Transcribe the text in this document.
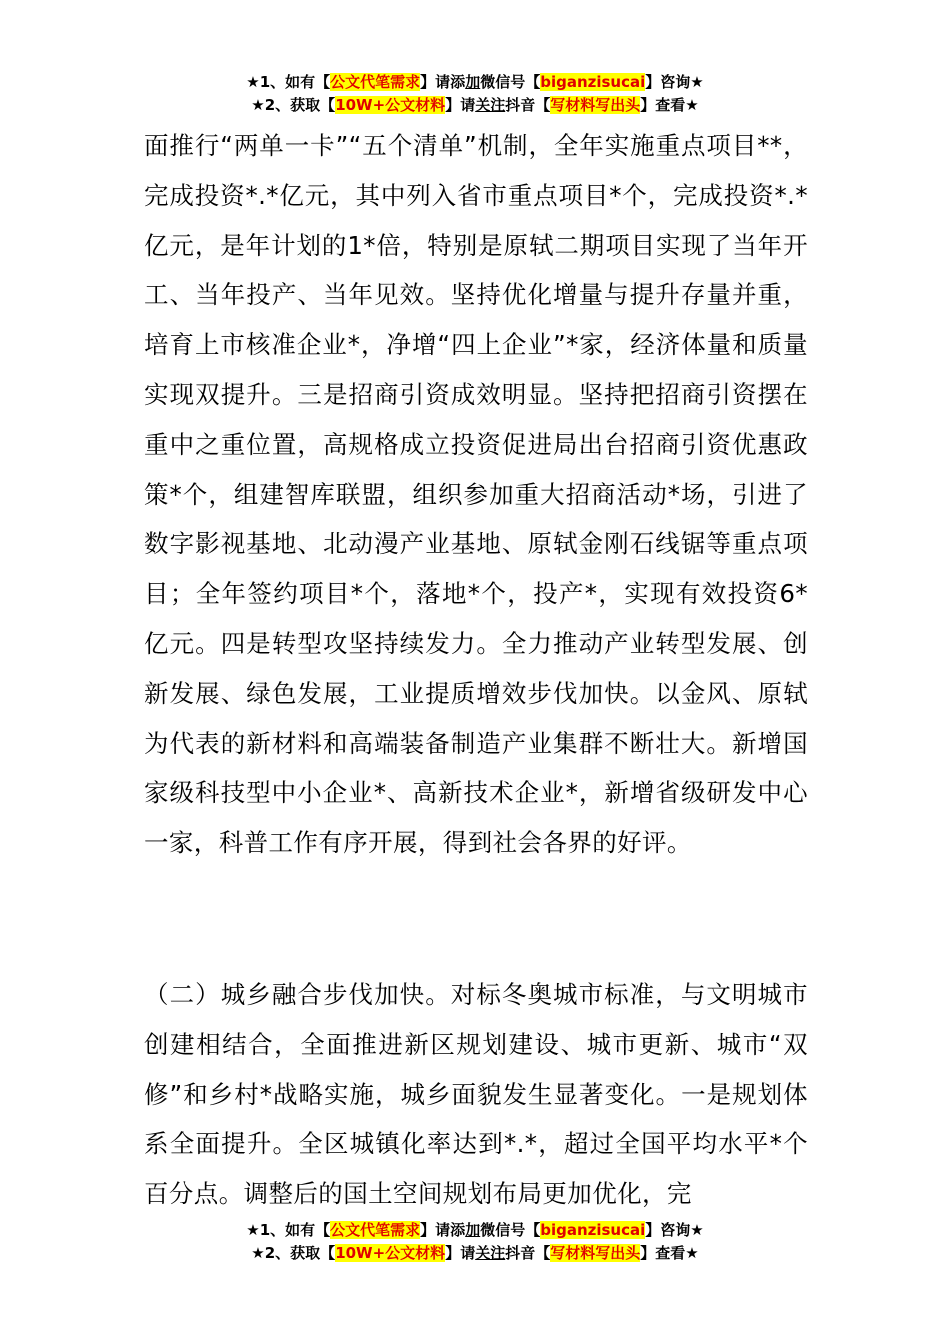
★1、如有【公文代笔需求】请添加微信号【biganzisucai】咨询★
★2、获取【10W+公文材料】请关注抖音【写材料写出头】查看★

面推行“两单一卡”“五个清单”机制，全年实施重点项目**，完成投资*.*亿元，其中列入省市重点项目*个，完成投资*.*亿元，是年计划的1*倍，特别是原轼二期项目实现了当年开工、当年投产、当年见效。坚持优化增量与提升存量并重，培育上市核准企业*，净增“四上企业”*家，经济体量和质量实现双提升。三是招商引资成效明显。坚持把招商引资摆在重中之重位置，高规格成立投资促进局出台招商引资优惠政策*个，组建智库联盟，组织参加重大招商活动*场，引进了数字影视基地、北动漫产业基地、原轼金刚石线锯等重点项目；全年签约项目*个，落地*个，投产*，实现有效投资6*亿元。四是转型攻坚持续发力。全力推动产业转型发展、创新发展、绿色发展，工业提质增效步伐加快。以金风、原轼为代表的新材料和高端装备制造产业集群不断壮大。新增国家级科技型中小企业*、高新技术企业*，新增省级研发中心一家，科普工作有序开展，得到社会各界的好评。

（二）城乡融合步伐加快。对标冬奥城市标准，与文明城市创建相结合，全面推进新区规划建设、城市更新、城市“双修”和乡村*战略实施，城乡面貌发生显著变化。一是规划体系全面提升。全区城镇化率达到*.*，超过全国平均水平*个百分点。调整后的国土空间规划布局更加优化，完

★1、如有【公文代笔需求】请添加微信号【biganzisucai】咨询★
★2、获取【10W+公文材料】请关注抖音【写材料写出头】查看★
